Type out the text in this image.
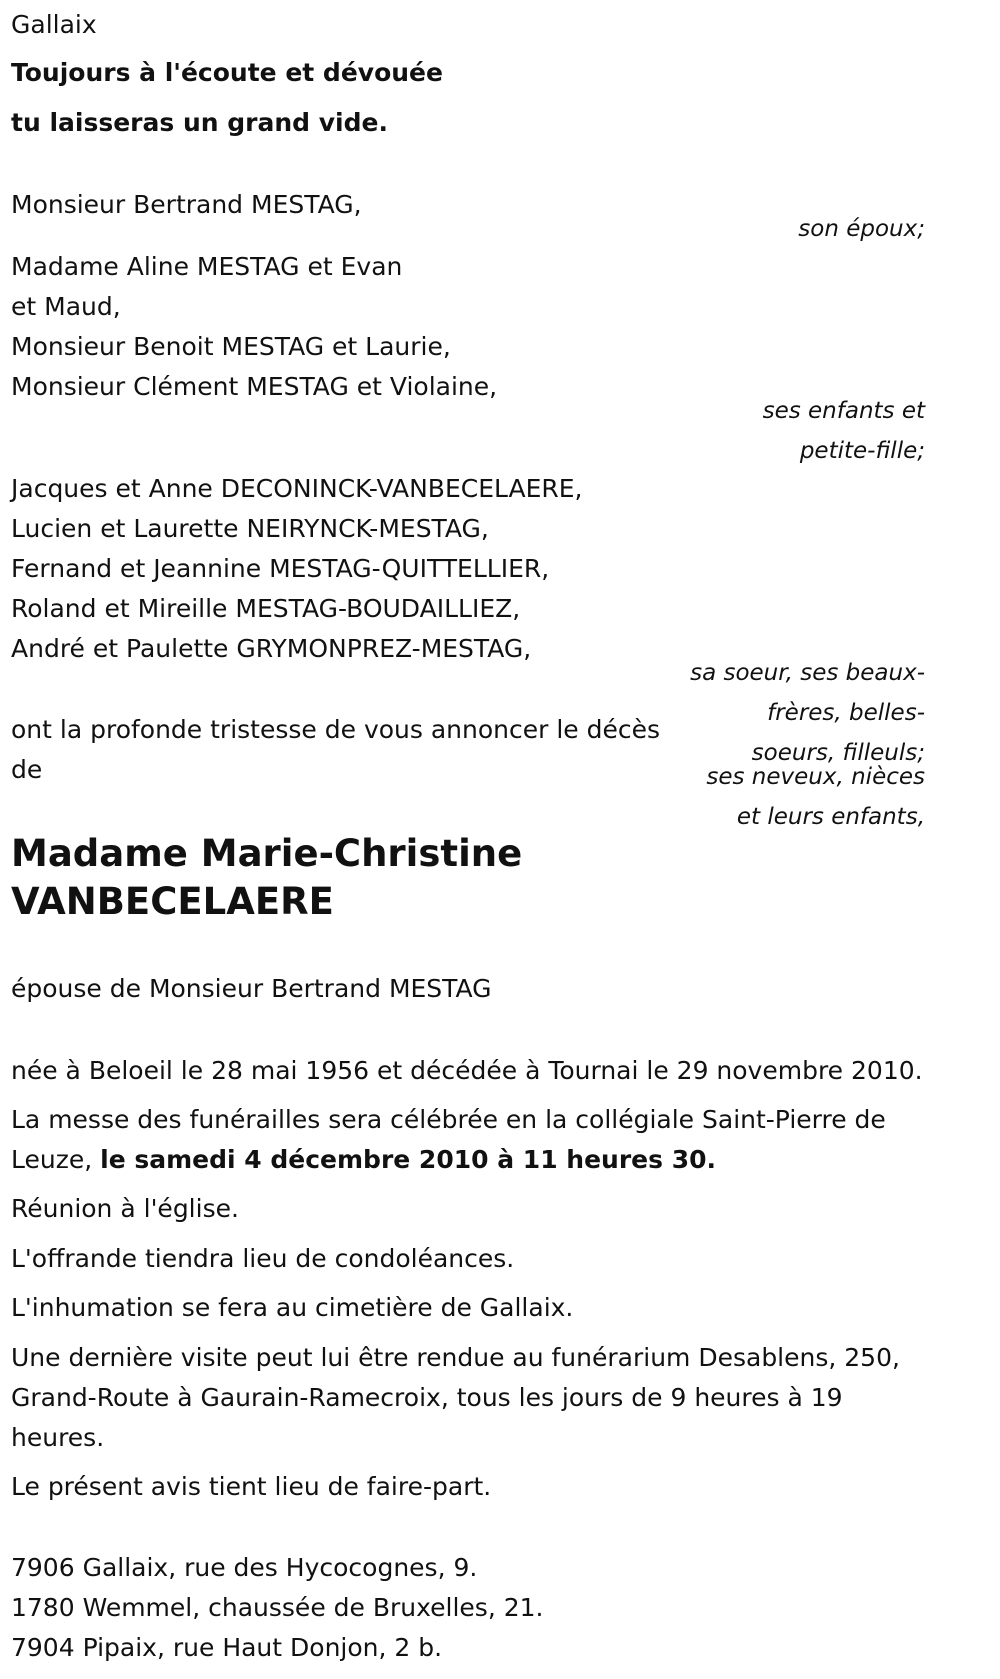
Gallaix

Toujours à l'écoute et dévouée

tu laisseras un grand vide.

Monsieur Bertrand MESTAG,

son époux;

Madame Aline MESTAG et Evan

et Maud,

Monsieur Benoit MESTAG et Laurie,

Monsieur Clément MESTAG et Violaine,

ses enfants et

petite-fille;

Jacques et Anne DECONINCK-VANBECELAERE,

Lucien et Laurette NEIRYNCK-MESTAG,

Fernand et Jeannine MESTAG-QUITTELLIER,

Roland et Mireille MESTAG-BOUDAILLIEZ,

André et Paulette GRYMONPREZ-MESTAG,

sa soeur, ses beaux-

frères, belles-

soeurs, filleuls;

ses neveux, nièces

et leurs enfants,

ont la profonde tristesse de vous annoncer le décès

de

Madame Marie-Christine

VANBECELAERE

épouse de Monsieur Bertrand MESTAG

née à Beloeil le 28 mai 1956 et décédée à Tournai le 29 novembre 2010.

La messe des funérailles sera célébrée en la collégiale Saint-Pierre de

Leuze, le samedi 4 décembre 2010 à 11 heures 30.

Réunion à l'église.

L'offrande tiendra lieu de condoléances.

L'inhumation se fera au cimetière de Gallaix.

Une dernière visite peut lui être rendue au funérarium Desablens, 250,

Grand-Route à Gaurain-Ramecroix, tous les jours de 9 heures à 19

heures.

Le présent avis tient lieu de faire-part.

7906 Gallaix, rue des Hycocognes, 9.

1780 Wemmel, chaussée de Bruxelles, 21.

7904 Pipaix, rue Haut Donjon, 2 b.
